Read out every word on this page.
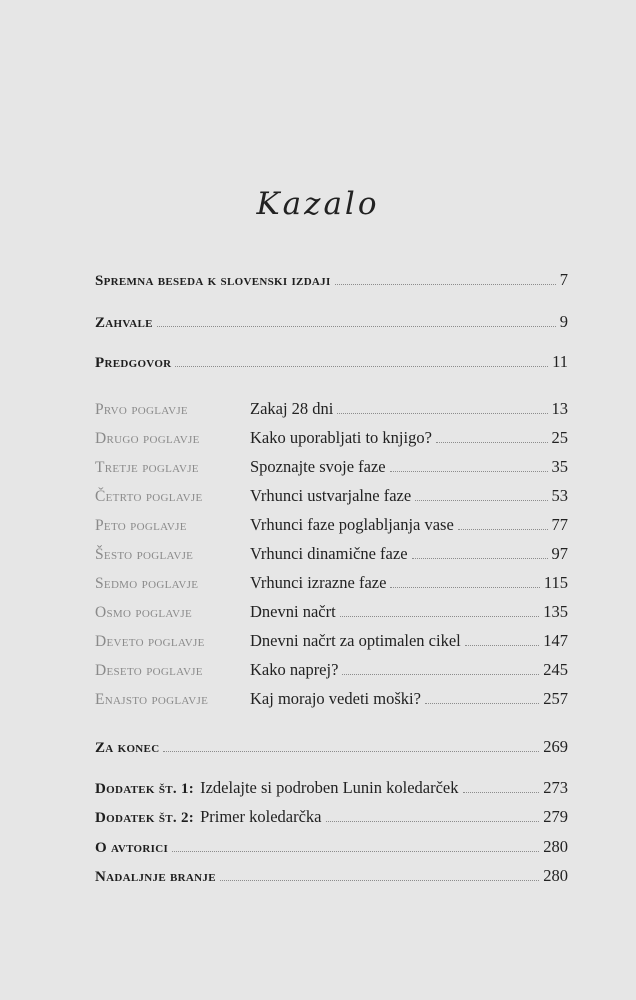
Kazalo
Spremna beseda k slovenski izdaji	7
Zahvale	9
Predgovor	11
Prvo poglavje	Zakaj 28 dni	13
Drugo poglavje	Kako uporabljati to knjigo?	25
Tretje poglavje	Spoznajte svoje faze	35
Četrto poglavje	Vrhunci ustvarjalne faze	53
Peto poglavje	Vrhunci faze poglabljanja vase	77
Šesto poglavje	Vrhunci dinamične faze	97
Sedmo poglavje	Vrhunci izrazne faze	115
Osmo poglavje	Dnevni načrt	135
Deveto poglavje	Dnevni načrt za optimalen cikel	147
Deseto poglavje	Kako naprej?	245
Enajsto poglavje	Kaj morajo vedeti moški?	257
Za konec	269
Dodatek št. 1: Izdelajte si podroben Lunin koledarček	273
Dodatek št. 2: Primer koledarčka	279
O avtorici	280
Nadaljnje branje	280
